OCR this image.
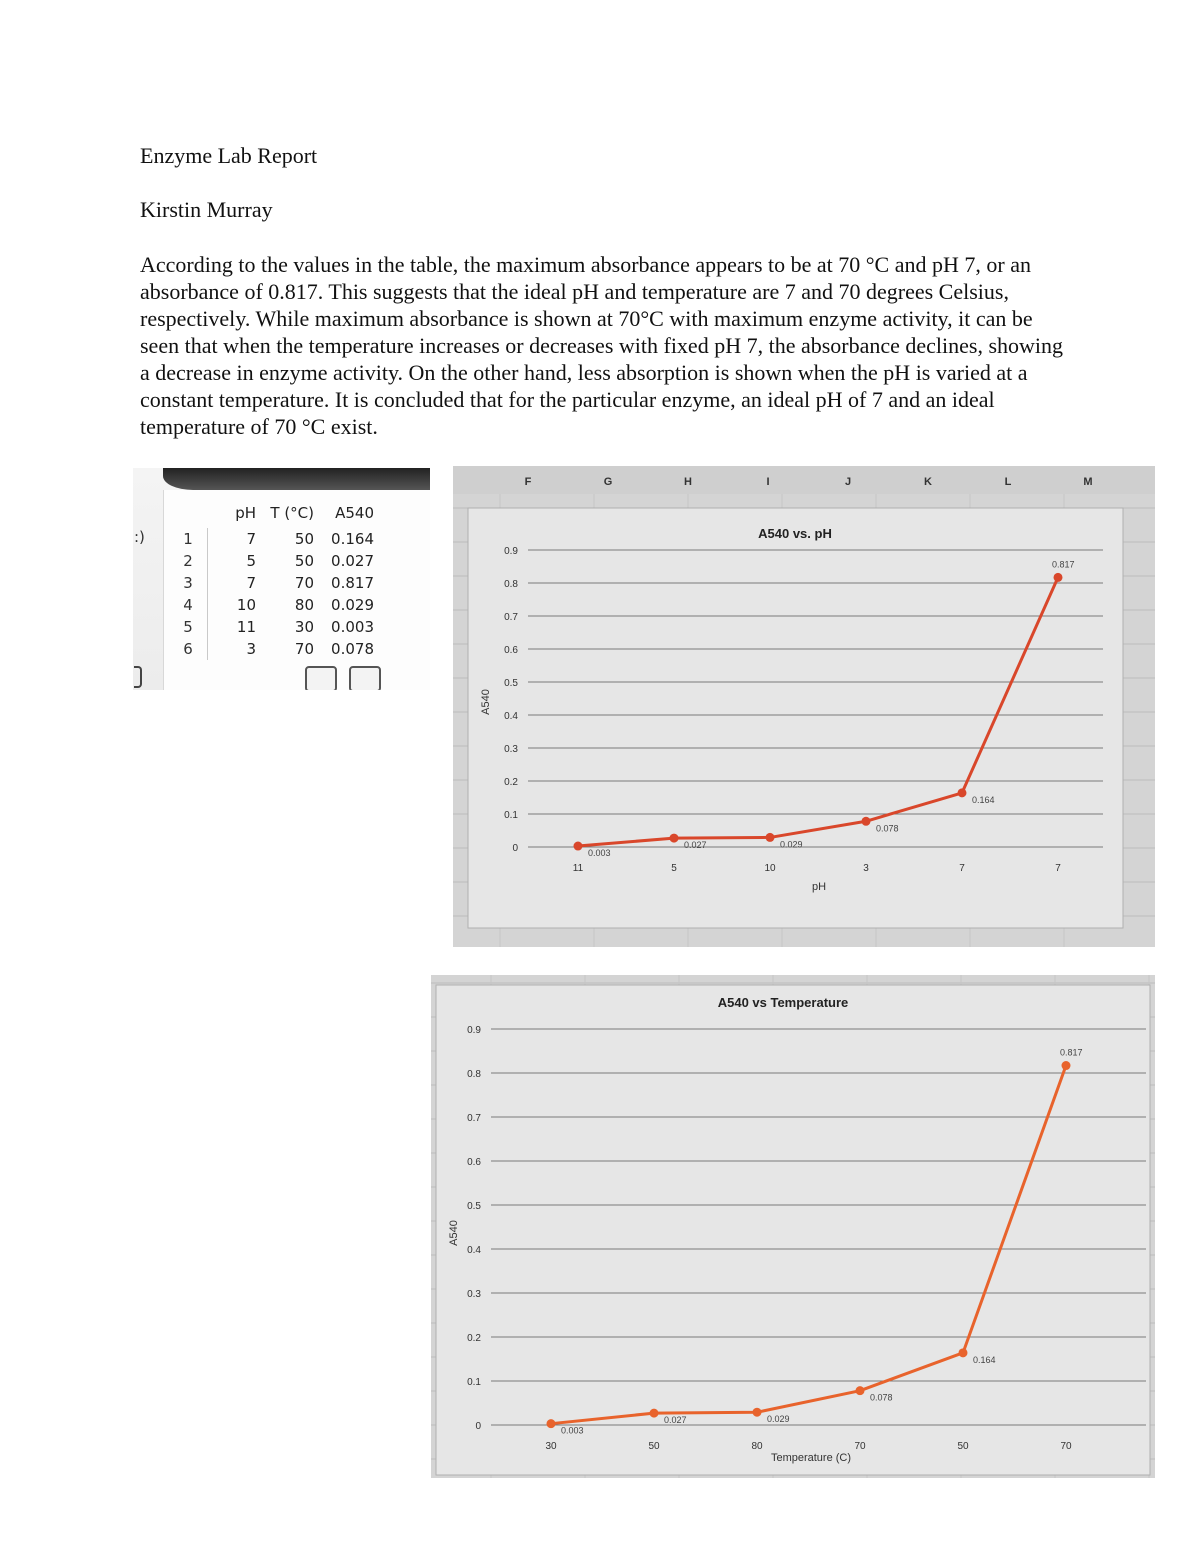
Enzyme Lab Report

Kirstin Murray

According to the values in the table, the maximum absorbance appears to be at 70 °C and pH 7, or an absorbance of 0.817. This suggests that the ideal pH and temperature are 7 and 70 degrees Celsius, respectively. While maximum absorbance is shown at 70°C with maximum enzyme activity, it can be seen that when the temperature increases or decreases with fixed pH 7, the absorbance declines, showing a decrease in enzyme activity. On the other hand, less absorption is shown when the pH is varied at a constant temperature. It is concluded that for the particular enzyme, an ideal pH of 7 and an ideal temperature of 70 °C exist.

:)
	pH	T (°C)	A540
1	7	50	0.164
2	5	50	0.027
3	7	70	0.817
4	10	80	0.029
5	11	30	0.003
6	3	70	0.078
F	G	H	I	J	K	L	M
0
0.1
0.2
0.3
0.4
0.5
0.6
0.7
0.8
0.9
A540 vs. pH
pH
A540
11	5	10	3	7	7
0.003
0.027	0.029
0.078
0.164
0.817
0
0.1
0.2
0.3
0.4
0.5
0.6
0.7
0.8
0.9
A540 vs Temperature
Temperature (C)
A540
30	50	80	70	50	70
0.003
0.027	0.029
0.078
0.164
0.817
